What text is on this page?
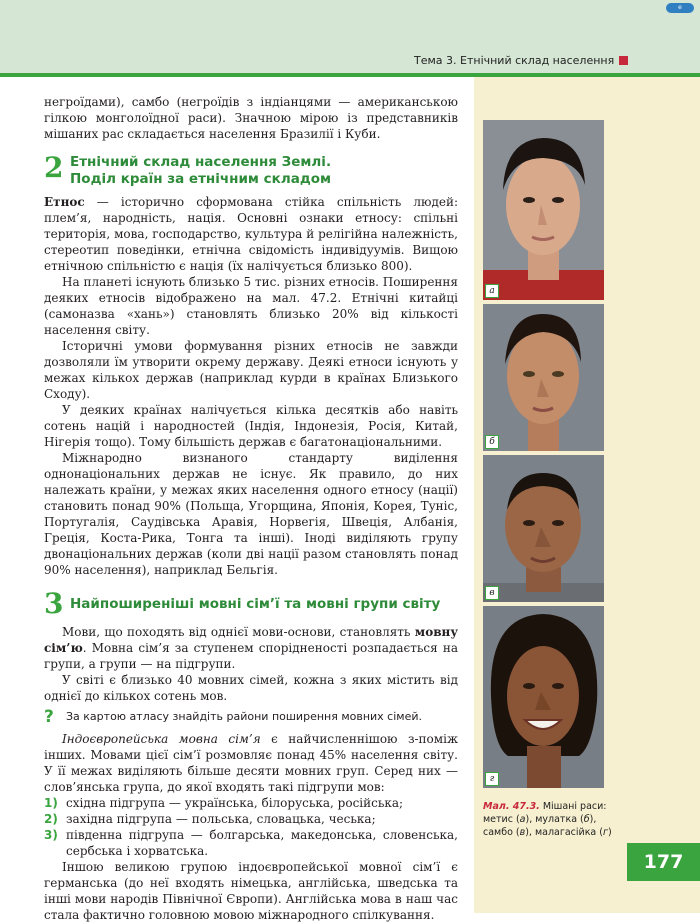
e
Тема 3. Етнічний склад населення

негроїдами), самбо (негроїдів з індіанцями — американською гілкою монголоїдної раси). Значною мірою із представників мішаних рас складається населення Бразилії і Куби.

2 Етнічний склад населення Землі.
Поділ країн за етнічним складом

Етнос — історично сформована стійка спільність людей: плем’я, народність, нація. Основні ознаки етносу: спільні територія, мова, господарство, культура й релігійна належність, стереотип поведінки, етнічна свідомість індивідуумів. Вищою етнічною спільністю є нація (їх налічується близько 800).

На планеті існують близько 5 тис. різних етносів. Поширення деяких етносів відображено на мал. 47.2. Етнічні китайці (самоназва «хань») становлять близько 20% від кількості населення світу.

Історичні умови формування різних етносів не завжди дозволяли їм утворити окрему державу. Деякі етноси існують у межах кількох держав (наприклад курди в країнах Близького Сходу).

У деяких країнах налічується кілька десятків або навіть сотень націй і народностей (Індія, Індонезія, Росія, Китай, Нігерія тощо). Тому більшість держав є багатонаціональними.

Міжнародно визнаного стандарту виділення однонаціональних держав не існує. Як правило, до них належать країни, у межах яких населення одного етносу (нації) становить понад 90% (Польща, Угорщина, Японія, Корея, Туніс, Португалія, Саудівська Аравія, Норвегія, Швеція, Албанія, Греція, Коста-Рика, Тонга та інші). Іноді виділяють групу двонаціональних держав (коли дві нації разом становлять понад 90% населення), наприклад Бельгія.

3 Найпоширеніші мовні сім’ї та мовні групи світу

Мови, що походять від однієї мови-основи, становлять мовну сім’ю. Мовна сім’я за ступенем спорідненості розпадається на групи, а групи — на підгрупи.

У світі є близько 40 мовних сімей, кожна з яких містить від однієї до кількох сотень мов.

?	За картою атласу знайдіть райони поширення мовних сімей.

Індоєвропейська мовна сім’я є найчисленнішою з-поміж інших. Мовами цієї сім’ї розмовляє понад 45% населення світу. У її межах виділяють більше десяти мовних груп. Серед них — слов’янська група, до якої входять такі підгрупи мов:

1) східна підгрупа — українська, білоруська, російська;
2) західна підгрупа — польська, словацька, чеська;
3) південна підгрупа — болгарська, македонська, словенська, сербська і хорватська.

Іншою великою групою індоєвропейської мовної сім’ї є германська (до неї входять німецька, англійська, шведська та інші мови народів Північної Європи). Англійська мова в наш час стала фактично головною мовою міжнародного спілкування.

а
б
в
г
Мал. 47.3. Мішані раси: метис (а), мулатка (б), самбо (в), малагасійка (г)
177
